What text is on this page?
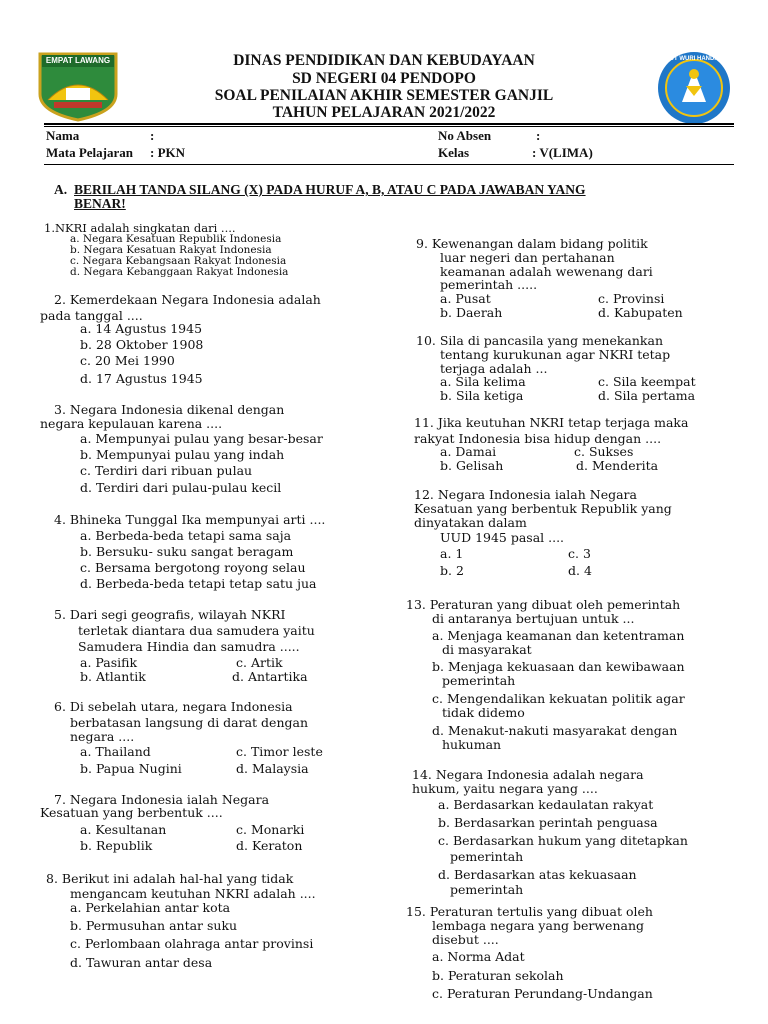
EMPAT LAWANG	TUT WURI HANDAYANI
DINAS PENDIDIKAN DAN KEBUDAYAAN
SD NEGERI 04 PENDOPO
SOAL PENILAIAN AKHIR SEMESTER GANJIL
TAHUN PELAJARAN 2021/2022
Nama	:	No Absen	:
Mata Pelajaran : PKN	Kelas	: V(LIMA)
A. BERILAH TANDA SILANG (X) PADA HURUF A, B, ATAU C PADA JAWABAN YANG
BENAR!
1.NKRI adalah singkatan dari ....
a. Negara Kesatuan Republik Indonesia
b. Negara Kesatuan Rakyat Indonesia
c. Negara Kebangsaan Rakyat Indonesia
d. Negara Kebanggaan Rakyat Indonesia
2. Kemerdekaan Negara Indonesia adalah
pada tanggal ....
a. 14 Agustus 1945
b. 28 Oktober 1908
c. 20 Mei 1990
d. 17 Agustus 1945
3. Negara Indonesia dikenal dengan
negara kepulauan karena ....
a. Mempunyai pulau yang besar-besar
b. Mempunyai pulau yang indah
c. Terdiri dari ribuan pulau
d. Terdiri dari pulau-pulau kecil
4. Bhineka Tunggal Ika mempunyai arti ....
a. Berbeda-beda tetapi sama saja
b. Bersuku- suku sangat beragam
c. Bersama bergotong royong selau
d. Berbeda-beda tetapi tetap satu jua
5. Dari segi geografis, wilayah NKRI
terletak diantara dua samudera yaitu
Samudera Hindia dan samudra .....
a. Pasifik	c. Artik
b. Atlantik	d. Antartika
6. Di sebelah utara, negara Indonesia
berbatasan langsung di darat dengan
negara ....
a. Thailand	c. Timor leste
b. Papua Nugini	d. Malaysia
7. Negara Indonesia ialah Negara
Kesatuan yang berbentuk ....
a. Kesultanan	c. Monarki
b. Republik	d. Keraton
8. Berikut ini adalah hal-hal yang tidak
mengancam keutuhan NKRI adalah ....
a. Perkelahian antar kota
b. Permusuhan antar suku
c. Perlombaan olahraga antar provinsi
d. Tawuran antar desa
9. Kewenangan dalam bidang politik
luar negeri dan pertahanan
keamanan adalah wewenang dari
pemerintah .....
a. Pusat	c. Provinsi
b. Daerah	d. Kabupaten
10. Sila di pancasila yang menekankan
tentang kurukunan agar NKRI tetap
terjaga adalah ...
a. Sila kelima	c. Sila keempat
b. Sila ketiga	d. Sila pertama
11. Jika keutuhan NKRI tetap terjaga maka
rakyat Indonesia bisa hidup dengan ....
a. Damai	c. Sukses
b. Gelisah	d. Menderita
12. Negara Indonesia ialah Negara
Kesatuan yang berbentuk Republik yang
dinyatakan dalam
UUD 1945 pasal ....
a. 1	c. 3
b. 2	d. 4
13. Peraturan yang dibuat oleh pemerintah
di antaranya bertujuan untuk ...
a. Menjaga keamanan dan ketentraman
di masyarakat
b. Menjaga kekuasaan dan kewibawaan
pemerintah
c. Mengendalikan kekuatan politik agar
tidak didemo
d. Menakut-nakuti masyarakat dengan
hukuman
14. Negara Indonesia adalah negara
hukum, yaitu negara yang ....
a. Berdasarkan kedaulatan rakyat
b. Berdasarkan perintah penguasa
c. Berdasarkan hukum yang ditetapkan
pemerintah
d. Berdasarkan atas kekuasaan
pemerintah
15. Peraturan tertulis yang dibuat oleh
lembaga negara yang berwenang
disebut ....
a. Norma Adat
b. Peraturan sekolah
c. Peraturan Perundang-Undangan
